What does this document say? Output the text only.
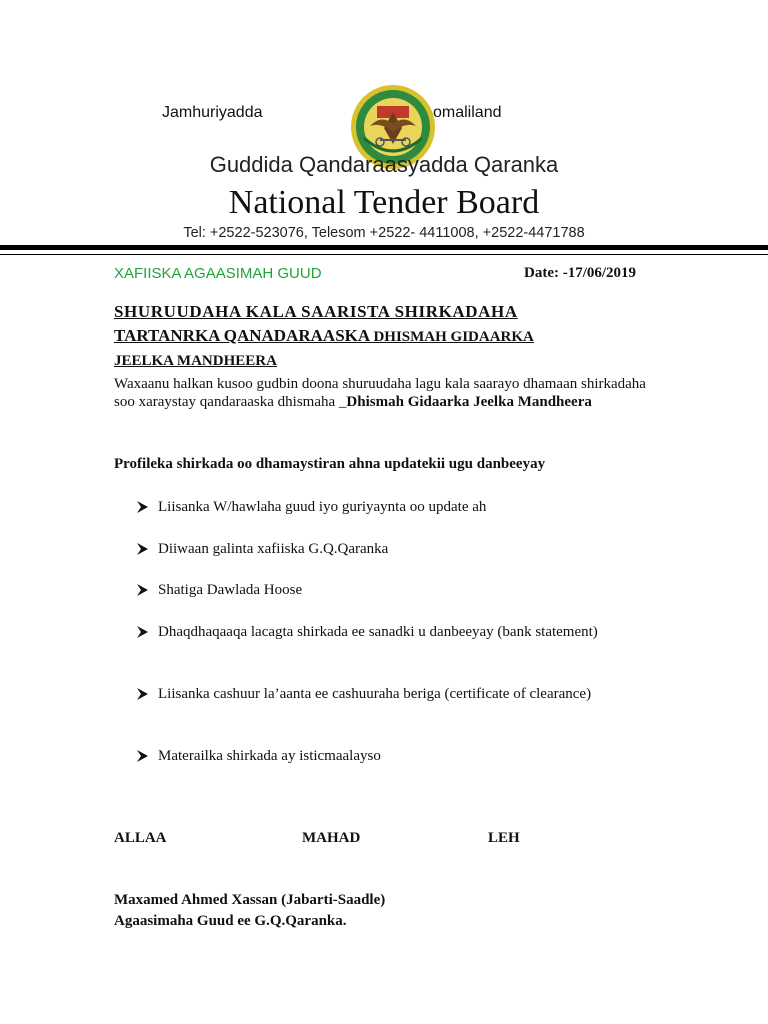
Jamhuriyadda	omaliland
Guddida Qandaraasyadda Qaranka
National Tender Board
Tel: +2522-523076, Telesom +2522- 4411008, +2522-4471788
XAFIISKA AGAASIMAH GUUD	Date: -17/06/2019
SHURUUDAHA KALA SAARISTA SHIRKADAHA
TARTANRKA QANADARAASKA DHISMAH GIDAARKA
JEELKA MANDHEERA
Waxaanu halkan kusoo gudbin doona shuruudaha lagu kala saarayo dhamaan shirkadaha soo xaraystay qandaraaska dhismaha _Dhismah Gidaarka Jeelka Mandheera
Profileka shirkada oo dhamaystiran ahna updatekii ugu danbeeyay
Liisanka W/hawlaha guud iyo guriyaynta oo update ah
Diiwaan galinta xafiiska G.Q.Qaranka
Shatiga Dawlada Hoose
Dhaqdhaqaaqa lacagta shirkada ee sanadki u danbeeyay (bank statement)
Liisanka cashuur la’aanta ee cashuuraha beriga (certificate of clearance)
Materailka shirkada ay isticmaalayso
ALLAA	MAHAD	LEH
Maxamed Ahmed Xassan (Jabarti-Saadle)
Agaasimaha Guud ee G.Q.Qaranka.
